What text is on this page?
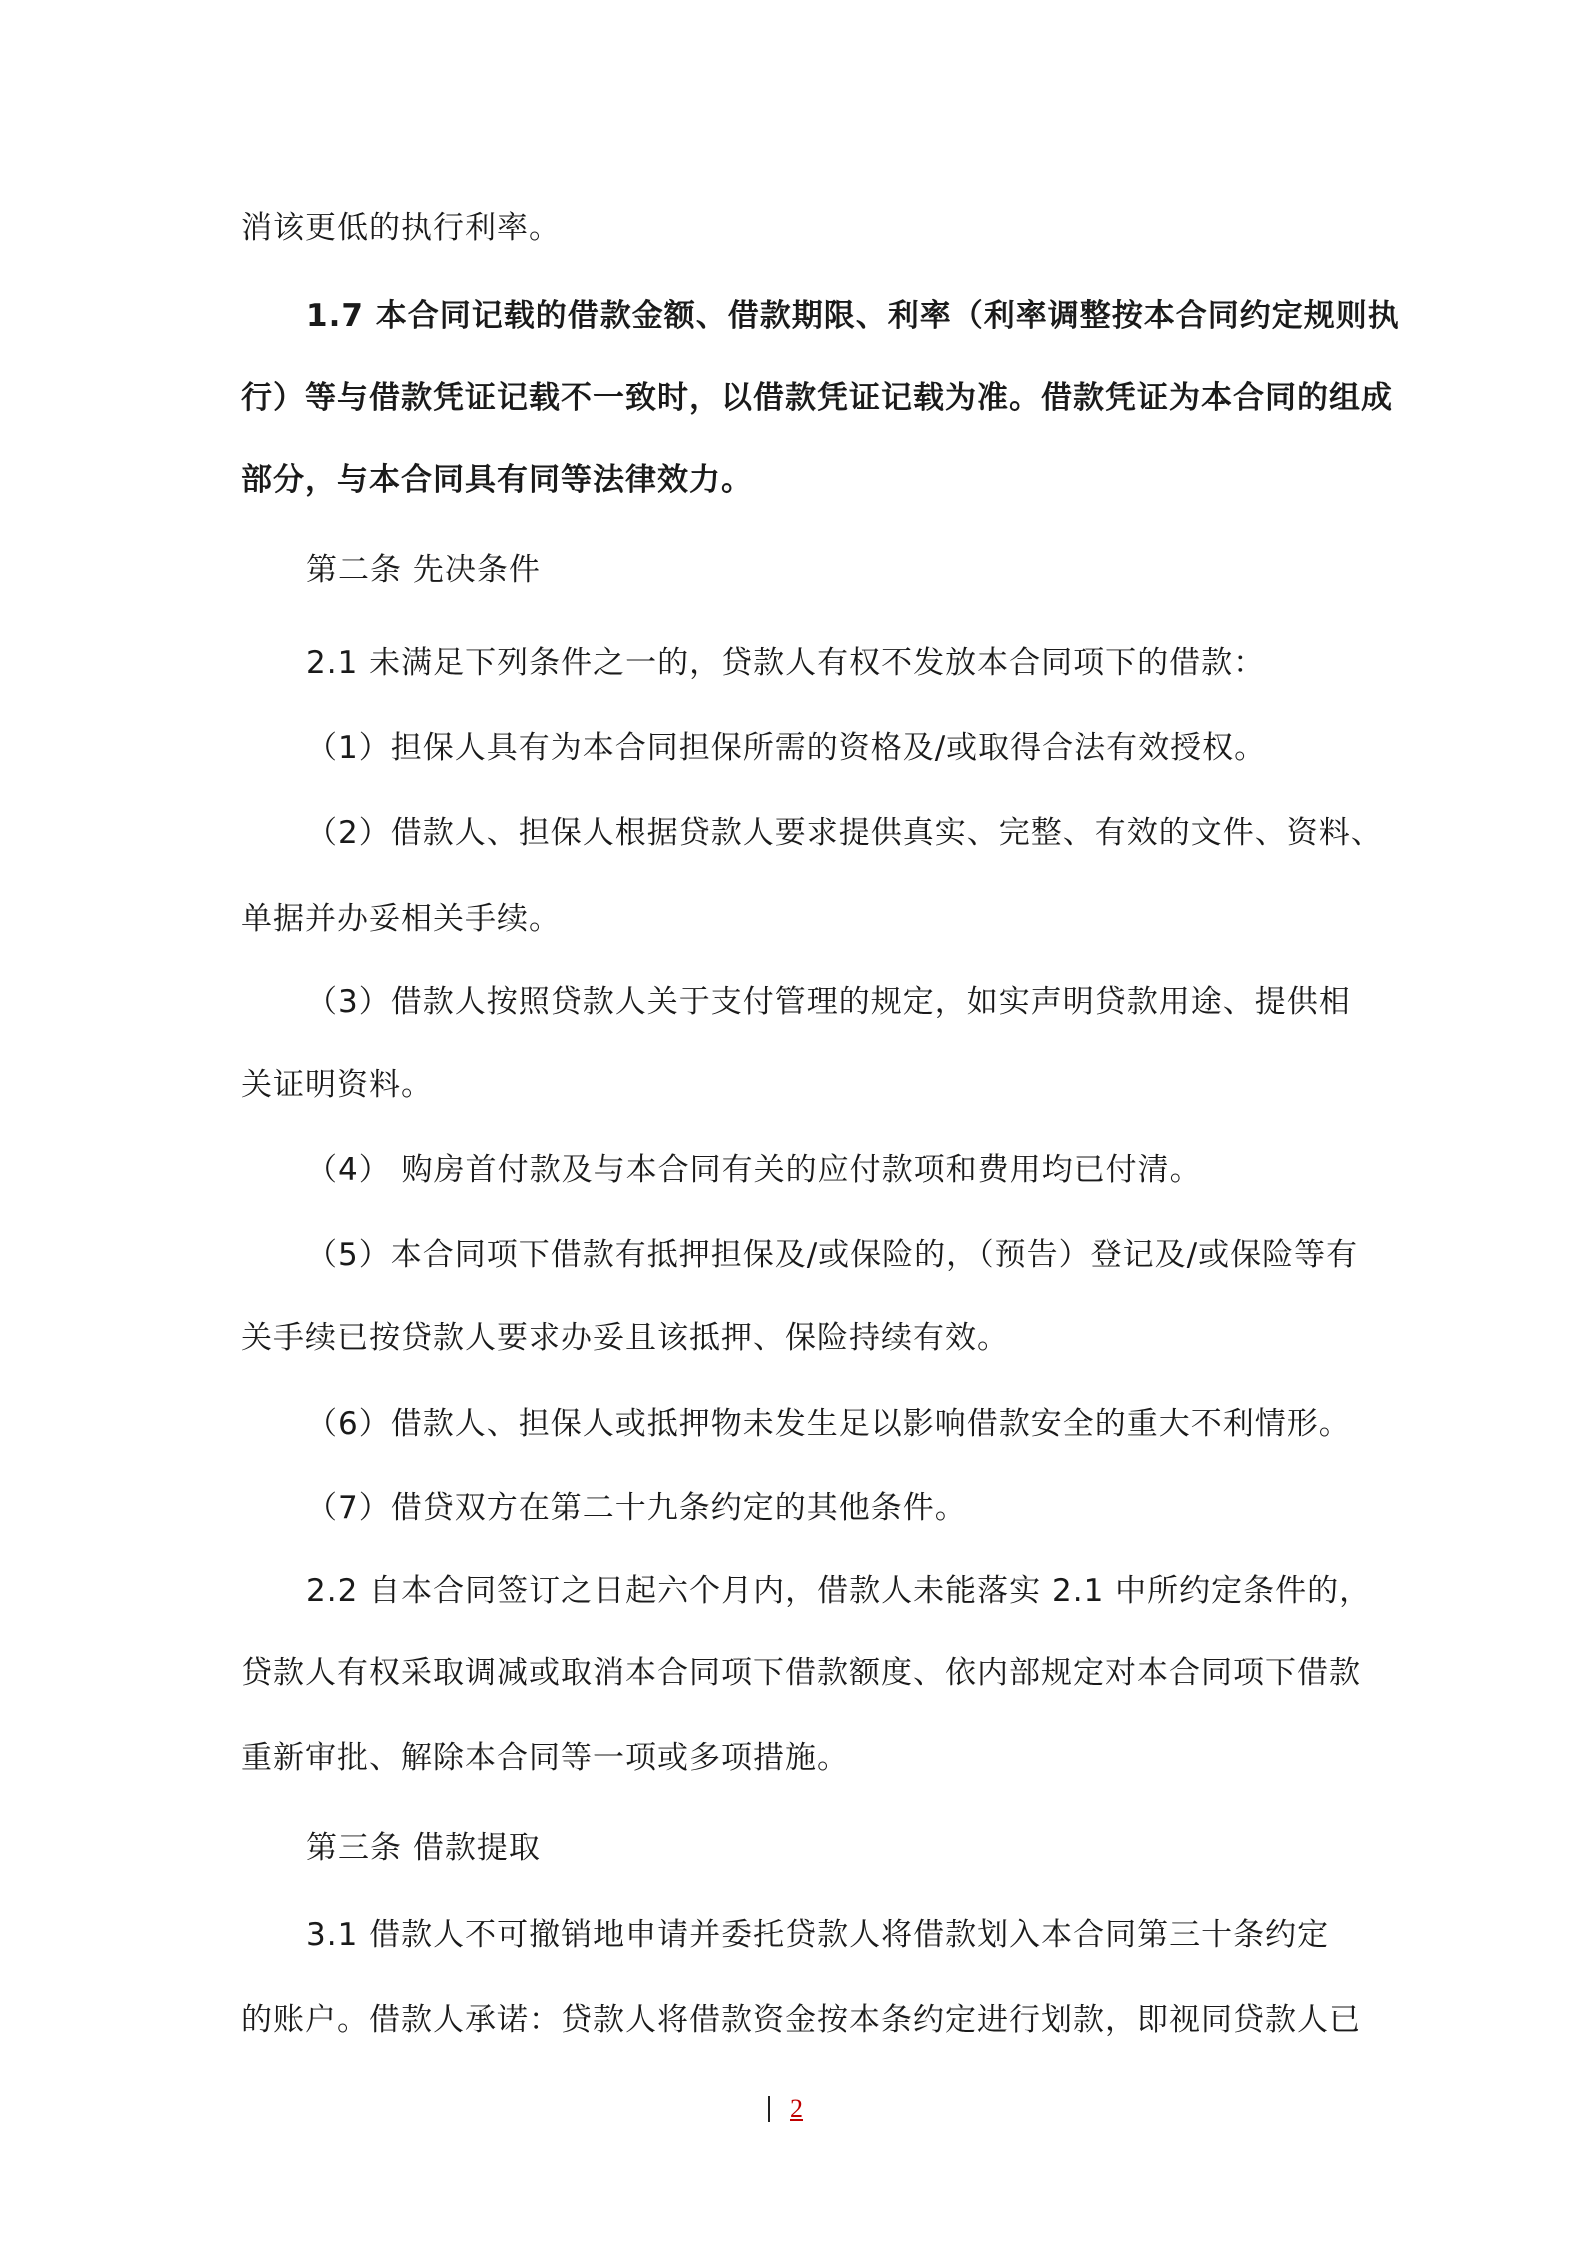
消该更低的执行利率。
1.7 本合同记载的借款金额、借款期限、利率（利率调整按本合同约定规则执
行）等与借款凭证记载不一致时，以借款凭证记载为准。借款凭证为本合同的组成
部分，与本合同具有同等法律效力。
第二条 先决条件
2.1 未满足下列条件之一的，贷款人有权不发放本合同项下的借款：
（1）担保人具有为本合同担保所需的资格及/或取得合法有效授权。
（2）借款人、担保人根据贷款人要求提供真实、完整、有效的文件、资料、
单据并办妥相关手续。
（3）借款人按照贷款人关于支付管理的规定，如实声明贷款用途、提供相
关证明资料。
（4） 购房首付款及与本合同有关的应付款项和费用均已付清。
（5）本合同项下借款有抵押担保及/或保险的，（预告）登记及/或保险等有
关手续已按贷款人要求办妥且该抵押、保险持续有效。
（6）借款人、担保人或抵押物未发生足以影响借款安全的重大不利情形。
（7）借贷双方在第二十九条约定的其他条件。
2.2 自本合同签订之日起六个月内，借款人未能落实 2.1 中所约定条件的，
贷款人有权采取调减或取消本合同项下借款额度、依内部规定对本合同项下借款
重新审批、解除本合同等一项或多项措施。
第三条 借款提取
3.1 借款人不可撤销地申请并委托贷款人将借款划入本合同第三十条约定
的账户。借款人承诺：贷款人将借款资金按本条约定进行划款，即视同贷款人已
2
